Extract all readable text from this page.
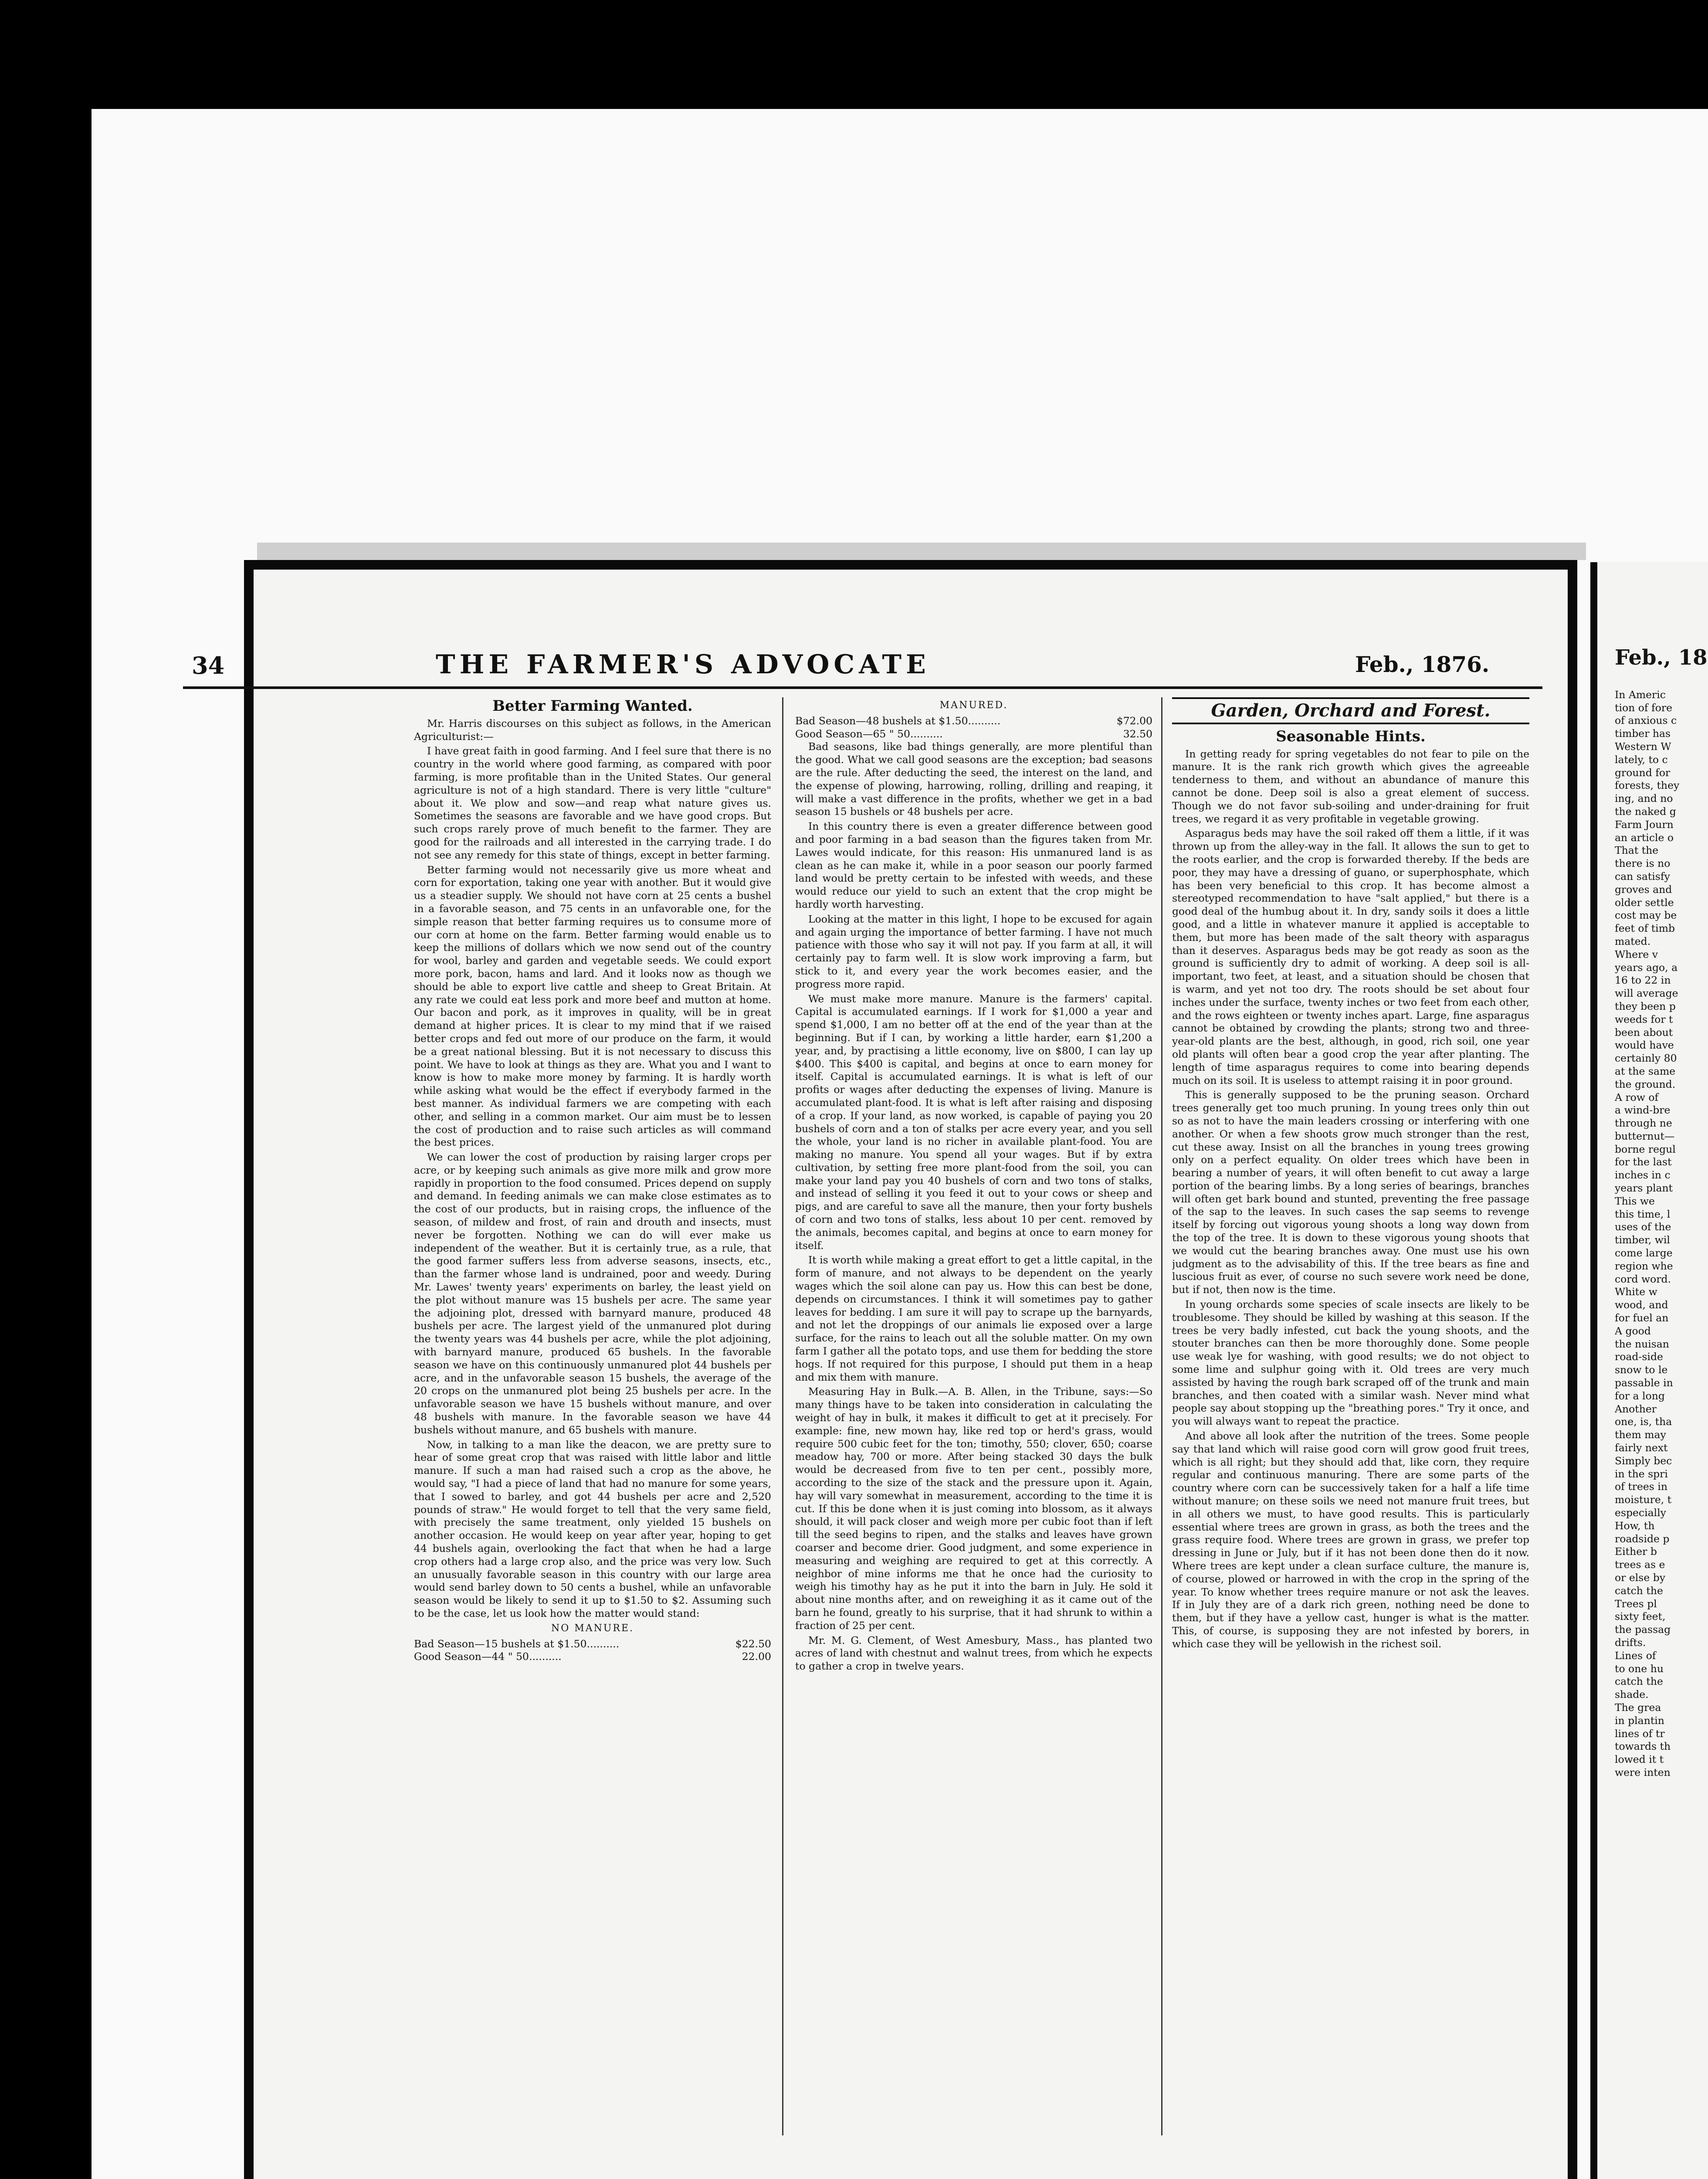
34	THE FARMER'S ADVOCATE	Feb., 1876.
Better Farming Wanted.

Mr. Harris discourses on this subject as follows, in the American Agriculturist:—

I have great faith in good farming. And I feel sure that there is no country in the world where good farming, as compared with poor farming, is more profitable than in the United States. Our general agriculture is not of a high standard. There is very little "culture" about it. We plow and sow—and reap what nature gives us. Sometimes the seasons are favorable and we have good crops. But such crops rarely prove of much benefit to the farmer. They are good for the railroads and all interested in the carrying trade. I do not see any remedy for this state of things, except in better farming.

Better farming would not necessarily give us more wheat and corn for exportation, taking one year with another. But it would give us a steadier supply. We should not have corn at 25 cents a bushel in a favorable season, and 75 cents in an unfavorable one, for the simple reason that better farming requires us to consume more of our corn at home on the farm. Better farming would enable us to keep the millions of dollars which we now send out of the country for wool, barley and garden and vegetable seeds. We could export more pork, bacon, hams and lard. And it looks now as though we should be able to export live cattle and sheep to Great Britain. At any rate we could eat less pork and more beef and mutton at home. Our bacon and pork, as it improves in quality, will be in great demand at higher prices. It is clear to my mind that if we raised better crops and fed out more of our produce on the farm, it would be a great national blessing. But it is not necessary to discuss this point. We have to look at things as they are. What you and I want to know is how to make more money by farming. It is hardly worth while asking what would be the effect if everybody farmed in the best manner. As individual farmers we are competing with each other, and selling in a common market. Our aim must be to lessen the cost of production and to raise such articles as will command the best prices.

We can lower the cost of production by raising larger crops per acre, or by keeping such animals as give more milk and grow more rapidly in proportion to the food consumed. Prices depend on supply and demand. In feeding animals we can make close estimates as to the cost of our products, but in raising crops, the influence of the season, of mildew and frost, of rain and drouth and insects, must never be forgotten. Nothing we can do will ever make us independent of the weather. But it is certainly true, as a rule, that the good farmer suffers less from adverse seasons, insects, etc., than the farmer whose land is undrained, poor and weedy. During Mr. Lawes' twenty years' experiments on barley, the least yield on the plot without manure was 15 bushels per acre. The same year the adjoining plot, dressed with barnyard manure, produced 48 bushels per acre. The largest yield of the unmanured plot during the twenty years was 44 bushels per acre, while the plot adjoining, with barnyard manure, produced 65 bushels. In the favorable season we have on this continuously unmanured plot 44 bushels per acre, and in the unfavorable season 15 bushels, the average of the 20 crops on the unmanured plot being 25 bushels per acre. In the unfavorable season we have 15 bushels without manure, and over 48 bushels with manure. In the favorable season we have 44 bushels without manure, and 65 bushels with manure.

Now, in talking to a man like the deacon, we are pretty sure to hear of some great crop that was raised with little labor and little manure. If such a man had raised such a crop as the above, he would say, "I had a piece of land that had no manure for some years, that I sowed to barley, and got 44 bushels per acre and 2,520 pounds of straw." He would forget to tell that the very same field, with precisely the same treatment, only yielded 15 bushels on another occasion. He would keep on year after year, hoping to get 44 bushels again, overlooking the fact that when he had a large crop others had a large crop also, and the price was very low. Such an unusually favorable season in this country with our large area would send barley down to 50 cents a bushel, while an unfavorable season would be likely to send it up to $1.50 to $2. Assuming such to be the case, let us look how the matter would stand:

NO MANURE.
Bad Season—15 bushels at $1.50..........	$22.50
Good Season—44 " 50..........	22.00
MANURED.
Bad Season—48 bushels at $1.50..........	$72.00
Good Season—65 " 50..........	32.50

Bad seasons, like bad things generally, are more plentiful than the good. What we call good seasons are the exception; bad seasons are the rule. After deducting the seed, the interest on the land, and the expense of plowing, harrowing, rolling, drilling and reaping, it will make a vast difference in the profits, whether we get in a bad season 15 bushels or 48 bushels per acre.

In this country there is even a greater difference between good and poor farming in a bad season than the figures taken from Mr. Lawes would indicate, for this reason: His unmanured land is as clean as he can make it, while in a poor season our poorly farmed land would be pretty certain to be infested with weeds, and these would reduce our yield to such an extent that the crop might be hardly worth harvesting.

Looking at the matter in this light, I hope to be excused for again and again urging the importance of better farming. I have not much patience with those who say it will not pay. If you farm at all, it will certainly pay to farm well. It is slow work improving a farm, but stick to it, and every year the work becomes easier, and the progress more rapid.

We must make more manure. Manure is the farmers' capital. Capital is accumulated earnings. If I work for $1,000 a year and spend $1,000, I am no better off at the end of the year than at the beginning. But if I can, by working a little harder, earn $1,200 a year, and, by practising a little economy, live on $800, I can lay up $400. This $400 is capital, and begins at once to earn money for itself. Capital is accumulated earnings. It is what is left of our profits or wages after deducting the expenses of living. Manure is accumulated plant-food. It is what is left after raising and disposing of a crop. If your land, as now worked, is capable of paying you 20 bushels of corn and a ton of stalks per acre every year, and you sell the whole, your land is no richer in available plant-food. You are making no manure. You spend all your wages. But if by extra cultivation, by setting free more plant-food from the soil, you can make your land pay you 40 bushels of corn and two tons of stalks, and instead of selling it you feed it out to your cows or sheep and pigs, and are careful to save all the manure, then your forty bushels of corn and two tons of stalks, less about 10 per cent. removed by the animals, becomes capital, and begins at once to earn money for itself.

It is worth while making a great effort to get a little capital, in the form of manure, and not always to be dependent on the yearly wages which the soil alone can pay us. How this can best be done, depends on circumstances. I think it will sometimes pay to gather leaves for bedding. I am sure it will pay to scrape up the barnyards, and not let the droppings of our animals lie exposed over a large surface, for the rains to leach out all the soluble matter. On my own farm I gather all the potato tops, and use them for bedding the store hogs. If not required for this purpose, I should put them in a heap and mix them with manure.

Measuring Hay in Bulk.—A. B. Allen, in the Tribune, says:—So many things have to be taken into consideration in calculating the weight of hay in bulk, it makes it difficult to get at it precisely. For example: fine, new mown hay, like red top or herd's grass, would require 500 cubic feet for the ton; timothy, 550; clover, 650; coarse meadow hay, 700 or more. After being stacked 30 days the bulk would be decreased from five to ten per cent., possibly more, according to the size of the stack and the pressure upon it. Again, hay will vary somewhat in measurement, according to the time it is cut. If this be done when it is just coming into blossom, as it always should, it will pack closer and weigh more per cubic foot than if left till the seed begins to ripen, and the stalks and leaves have grown coarser and become drier. Good judgment, and some experience in measuring and weighing are required to get at this correctly. A neighbor of mine informs me that he once had the curiosity to weigh his timothy hay as he put it into the barn in July. He sold it about nine months after, and on reweighing it as it came out of the barn he found, greatly to his surprise, that it had shrunk to within a fraction of 25 per cent.

Mr. M. G. Clement, of West Amesbury, Mass., has planted two acres of land with chestnut and walnut trees, from which he expects to gather a crop in twelve years.

Garden, Orchard and Forest.
Seasonable Hints.

In getting ready for spring vegetables do not fear to pile on the manure. It is the rank rich growth which gives the agreeable tenderness to them, and without an abundance of manure this cannot be done. Deep soil is also a great element of success. Though we do not favor sub-soiling and under-draining for fruit trees, we regard it as very profitable in vegetable growing.

Asparagus beds may have the soil raked off them a little, if it was thrown up from the alley-way in the fall. It allows the sun to get to the roots earlier, and the crop is forwarded thereby. If the beds are poor, they may have a dressing of guano, or superphosphate, which has been very beneficial to this crop. It has become almost a stereotyped recommendation to have "salt applied," but there is a good deal of the humbug about it. In dry, sandy soils it does a little good, and a little in whatever manure it applied is acceptable to them, but more has been made of the salt theory with asparagus than it deserves. Asparagus beds may be got ready as soon as the ground is sufficiently dry to admit of working. A deep soil is all-important, two feet, at least, and a situation should be chosen that is warm, and yet not too dry. The roots should be set about four inches under the surface, twenty inches or two feet from each other, and the rows eighteen or twenty inches apart. Large, fine asparagus cannot be obtained by crowding the plants; strong two and three-year-old plants are the best, although, in good, rich soil, one year old plants will often bear a good crop the year after planting. The length of time asparagus requires to come into bearing depends much on its soil. It is useless to attempt raising it in poor ground.

This is generally supposed to be the pruning season. Orchard trees generally get too much pruning. In young trees only thin out so as not to have the main leaders crossing or interfering with one another. Or when a few shoots grow much stronger than the rest, cut these away. Insist on all the branches in young trees growing only on a perfect equality. On older trees which have been in bearing a number of years, it will often benefit to cut away a large portion of the bearing limbs. By a long series of bearings, branches will often get bark bound and stunted, preventing the free passage of the sap to the leaves. In such cases the sap seems to revenge itself by forcing out vigorous young shoots a long way down from the top of the tree. It is down to these vigorous young shoots that we would cut the bearing branches away. One must use his own judgment as to the advisability of this. If the tree bears as fine and luscious fruit as ever, of course no such severe work need be done, but if not, then now is the time.

In young orchards some species of scale insects are likely to be troublesome. They should be killed by washing at this season. If the trees be very badly infested, cut back the young shoots, and the stouter branches can then be more thoroughly done. Some people use weak lye for washing, with good results; we do not object to some lime and sulphur going with it. Old trees are very much assisted by having the rough bark scraped off of the trunk and main branches, and then coated with a similar wash. Never mind what people say about stopping up the "breathing pores." Try it once, and you will always want to repeat the practice.

And above all look after the nutrition of the trees. Some people say that land which will raise good corn will grow good fruit trees, which is all right; but they should add that, like corn, they require regular and continuous manuring. There are some parts of the country where corn can be successively taken for a half a life time without manure; on these soils we need not manure fruit trees, but in all others we must, to have good results. This is particularly essential where trees are grown in grass, as both the trees and the grass require food. Where trees are grown in grass, we prefer top dressing in June or July, but if it has not been done then do it now. Where trees are kept under a clean surface culture, the manure is, of course, plowed or harrowed in with the crop in the spring of the year. To know whether trees require manure or not ask the leaves. If in July they are of a dark rich green, nothing need be done to them, but if they have a yellow cast, hunger is what is the matter. This, of course, is supposing they are not infested by borers, in which case they will be yellowish in the richest soil.

Feb., 18
In Americ
tion of fore
of anxious c
timber has
Western W
lately, to c
ground for
forests, they
ing, and no
the naked g
Farm Journ
an article o
That the
there is no
can satisfy
groves and
older settle
cost may be
feet of timb
mated.
Where v
years ago, a
16 to 22 in
will average
they been p
weeds for t
been about
would have
certainly 80
at the same
the ground.
A row of
a wind-bre
through ne
butternut—
borne regul
for the last
inches in c
years plant
This we
this time, l
uses of the
timber, wil
come large
region whe
cord word.
White w
wood, and
for fuel an
A good
the nuisan
road-side
snow to le
passable in
for a long
Another
one, is, tha
them may
fairly next
Simply bec
in the spri
of trees in
moisture, t
especially
How, th
roadside p
Either b
trees as e
or else by
catch the
Trees pl
sixty feet,
the passag
drifts.
Lines of
to one hu
catch the
shade.
The grea
in plantin
lines of tr
towards th
lowed it t
were inten
